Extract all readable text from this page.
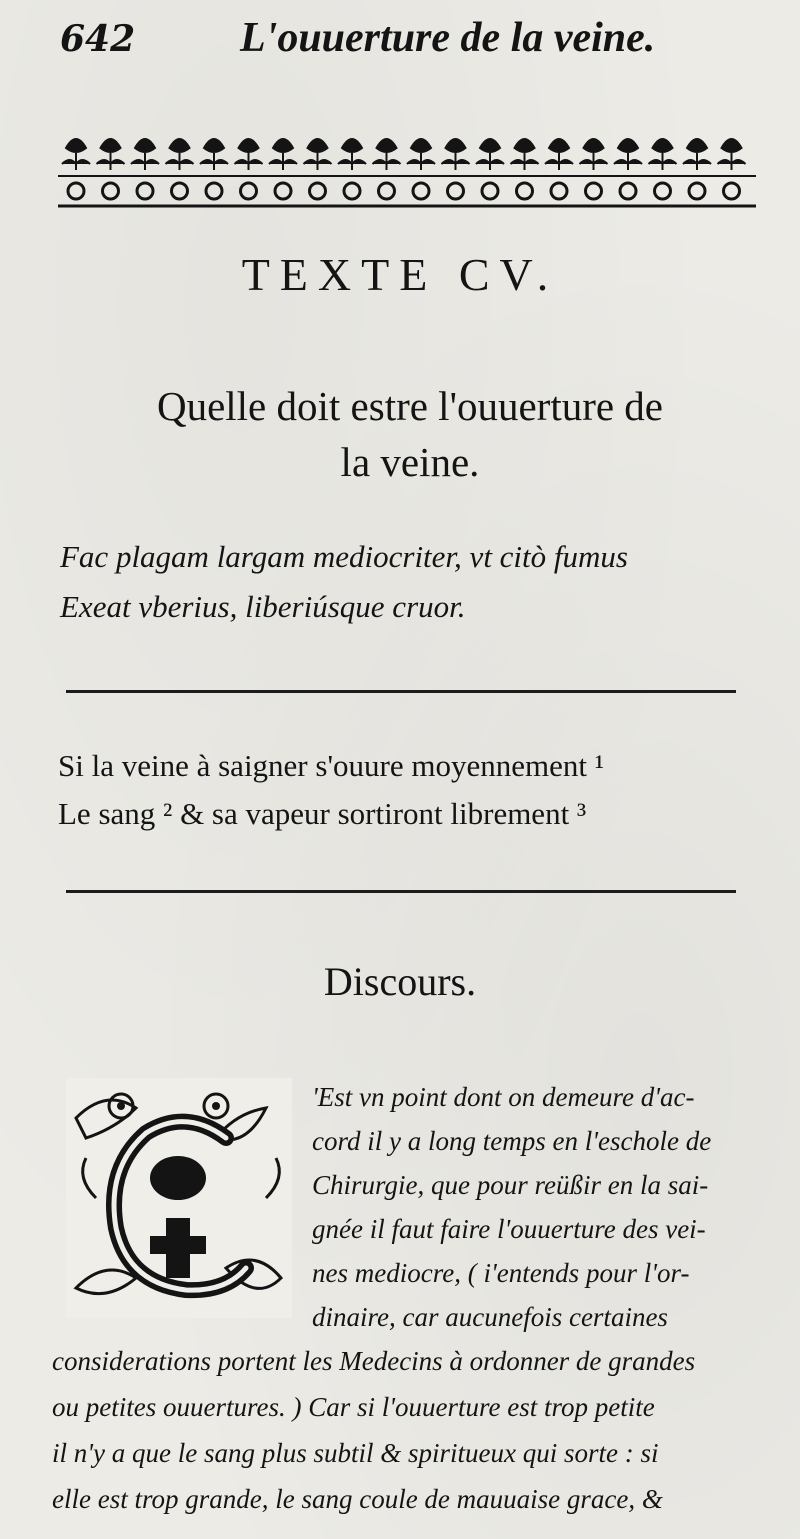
642 L'ouuerture de la veine.
TEXTE CV.
Quelle doit estre l'ouuerture de
la veine.
Fac plagam largam mediocriter, vt citò fumus
Exeat vberius, liberiúsque cruor.
Si la veine à saigner s'ouure moyennement ¹
Le sang ² & sa vapeur sortiront librement ³
Discours.
'Est vn point dont on demeure d'ac-
cord il y a long temps en l'eschole de
Chirurgie, que pour reüßir en la sai-
gnée il faut faire l'ouuerture des vei-
nes mediocre, ( i'entends pour l'or-
dinaire, car aucunefois certaines
considerations portent les Medecins à ordonner de grandes
ou petites ouuertures. ) Car si l'ouuerture est trop petite
il n'y a que le sang plus subtil & spiritueux qui sorte : si
elle est trop grande, le sang coule de mauuaise grace, &
